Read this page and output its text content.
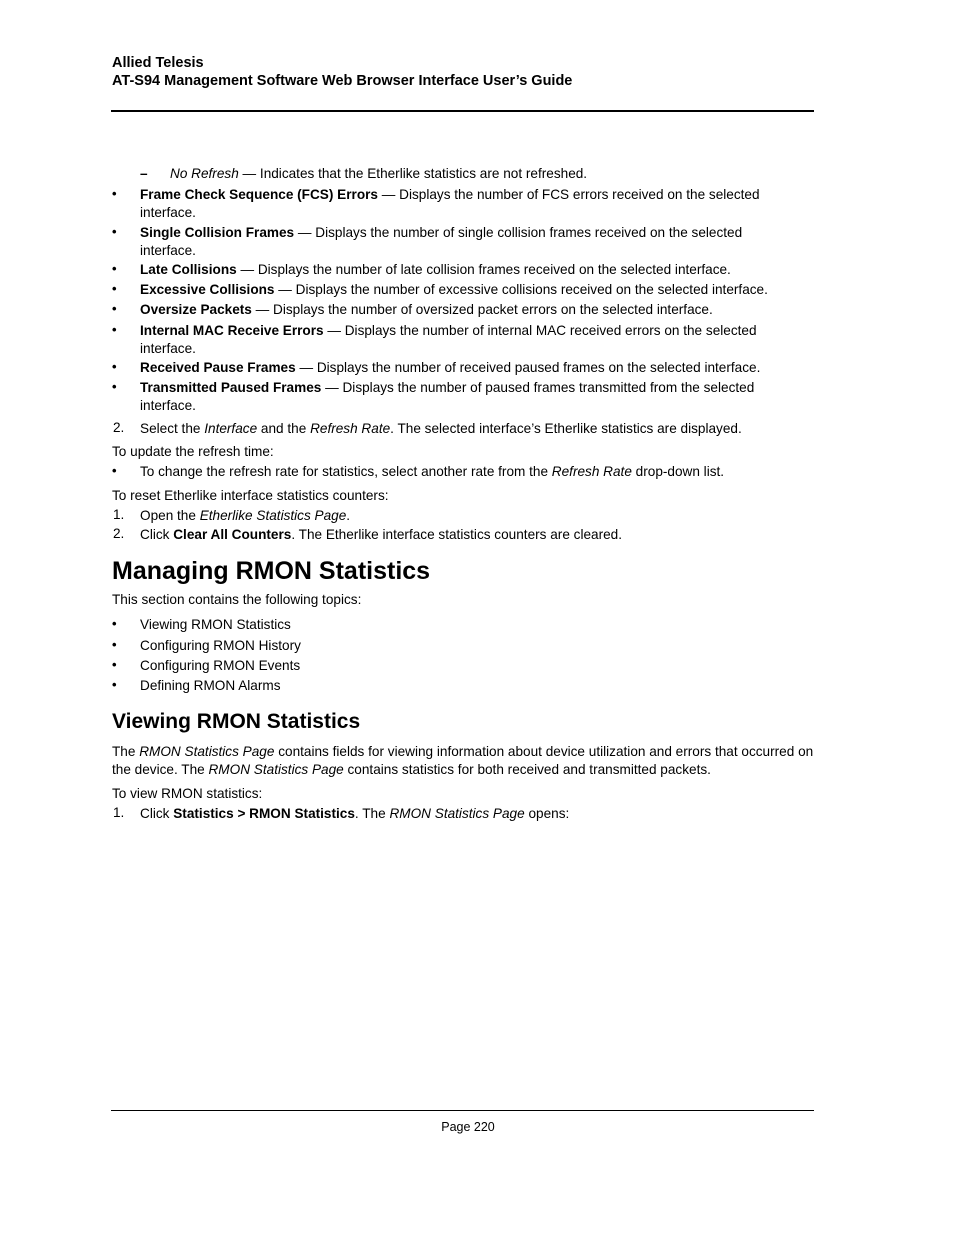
Allied Telesis
AT-S94 Management Software Web Browser Interface User’s Guide
– No Refresh — Indicates that the Etherlike statistics are not refreshed.
• Frame Check Sequence (FCS) Errors — Displays the number of FCS errors received on the selected interface.
• Single Collision Frames — Displays the number of single collision frames received on the selected interface.
• Late Collisions — Displays the number of late collision frames received on the selected interface.
• Excessive Collisions — Displays the number of excessive collisions received on the selected interface.
• Oversize Packets — Displays the number of oversized packet errors on the selected interface.
• Internal MAC Receive Errors — Displays the number of internal MAC received errors on the selected interface.
• Received Pause Frames — Displays the number of received paused frames on the selected interface.
• Transmitted Paused Frames — Displays the number of paused frames transmitted from the selected interface.
2. Select the Interface and the Refresh Rate. The selected interface’s Etherlike statistics are displayed.
To update the refresh time:
• To change the refresh rate for statistics, select another rate from the Refresh Rate drop-down list.
To reset Etherlike interface statistics counters:
1. Open the Etherlike Statistics Page.
2. Click Clear All Counters. The Etherlike interface statistics counters are cleared.
Managing RMON Statistics
This section contains the following topics:
• Viewing RMON Statistics
• Configuring RMON History
• Configuring RMON Events
• Defining RMON Alarms
Viewing RMON Statistics
The RMON Statistics Page contains fields for viewing information about device utilization and errors that occurred on the device. The RMON Statistics Page contains statistics for both received and transmitted packets.
To view RMON statistics:
1. Click Statistics > RMON Statistics. The RMON Statistics Page opens:
Page 220
